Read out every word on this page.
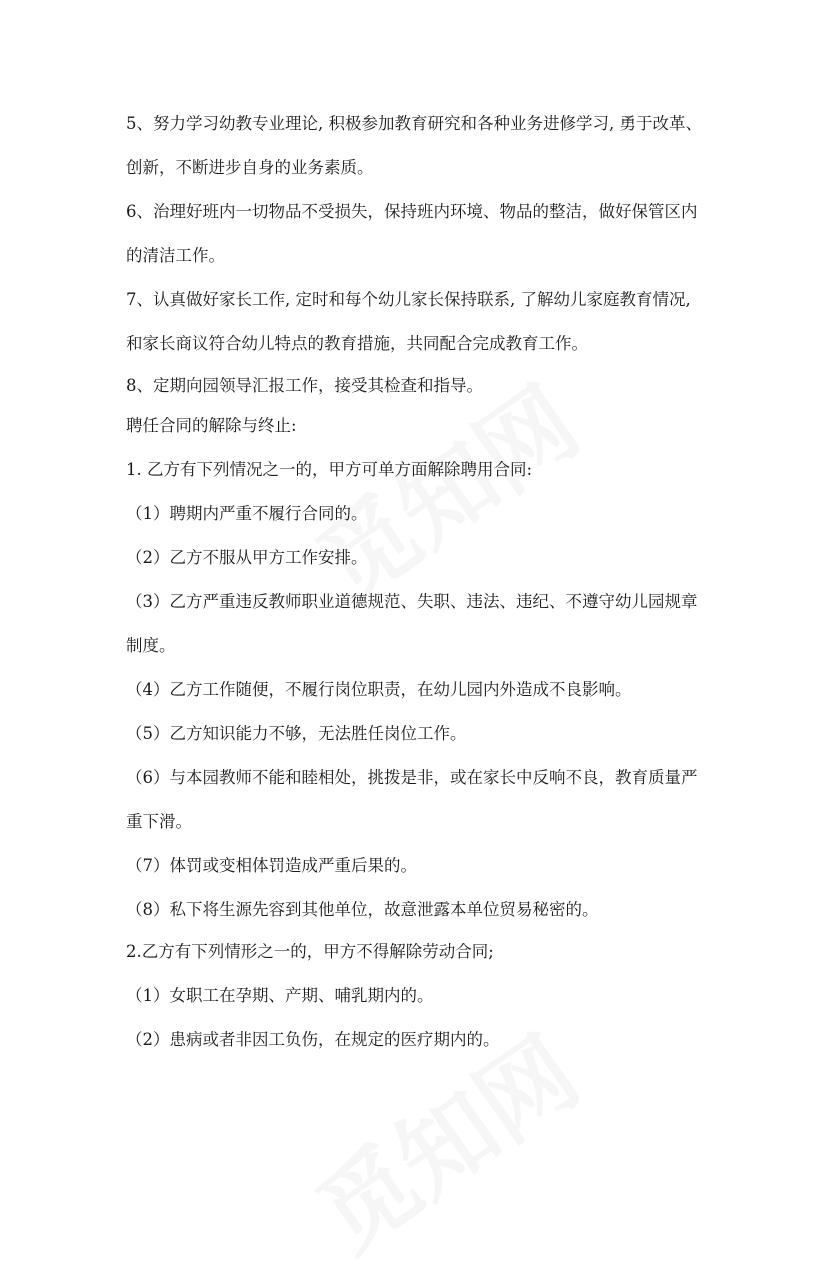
5、努力学习幼教专业理论, 积极参加教育研究和各种业务进修学习, 勇于改革、
创新，不断进步自身的业务素质。
6、治理好班内一切物品不受损失，保持班内环境、物品的整洁，做好保管区内
的清洁工作。
7、认真做好家长工作, 定时和每个幼儿家长保持联系, 了解幼儿家庭教育情况,
和家长商议符合幼儿特点的教育措施，共同配合完成教育工作。
8、定期向园领导汇报工作，接受其检查和指导。
聘任合同的解除与终止:
1. 乙方有下列情况之一的，甲方可单方面解除聘用合同:
（1）聘期内严重不履行合同的。
（2）乙方不服从甲方工作安排。
（3）乙方严重违反教师职业道德规范、失职、违法、违纪、不遵守幼儿园规章
制度。
（4）乙方工作随便，不履行岗位职责，在幼儿园内外造成不良影响。
（5）乙方知识能力不够，无法胜任岗位工作。
（6）与本园教师不能和睦相处，挑拨是非，或在家长中反响不良，教育质量严
重下滑。
（7）体罚或变相体罚造成严重后果的。
（8）私下将生源先容到其他单位，故意泄露本单位贸易秘密的。
2.乙方有下列情形之一的，甲方不得解除劳动合同;
（1）女职工在孕期、产期、哺乳期内的。
（2）患病或者非因工负伤，在规定的医疗期内的。
